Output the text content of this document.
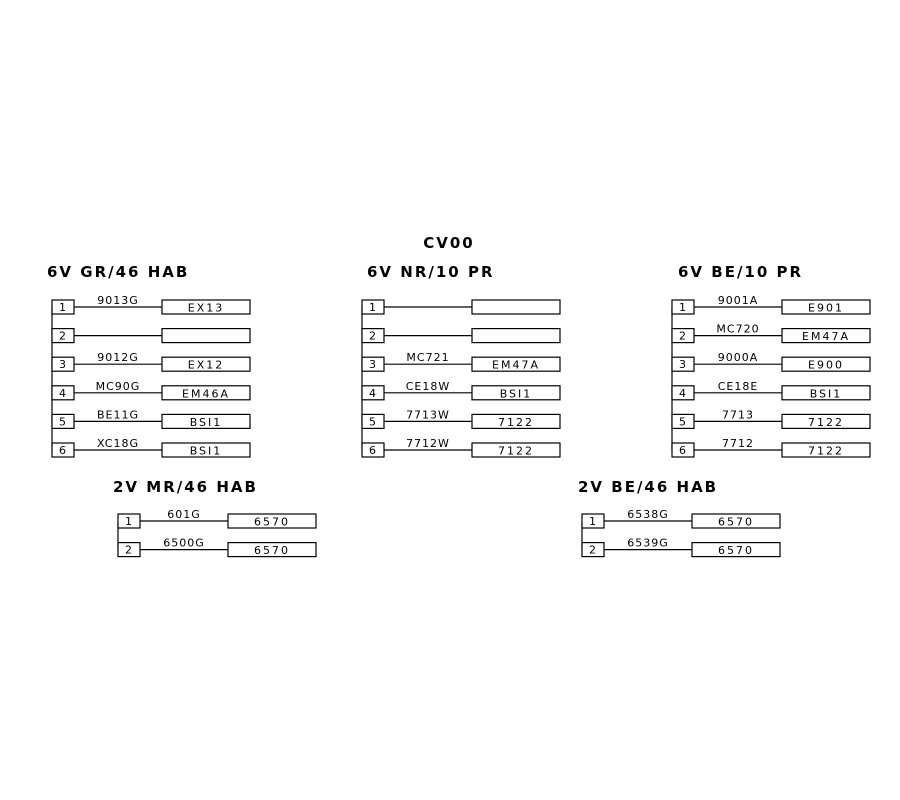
CV00
6V GR/46 HAB
1
9013G
EX13
2
3
9012G
EX12
4
MC90G
EM46A
5
BE11G
BSI1
6
XC18G
BSI1
6V NR/10 PR
1
2
3
MC721
EM47A
4
CE18W
BSI1
5
7713W
7122
6
7712W
7122
6V BE/10 PR
1
9001A
E901
2
MC720
EM47A
3
9000A
E900
4
CE18E
BSI1
5
7713
7122
6
7712
7122
2V MR/46 HAB
1
601G
6570
2
6500G
6570
2V BE/46 HAB
1
6538G
6570
2
6539G
6570
